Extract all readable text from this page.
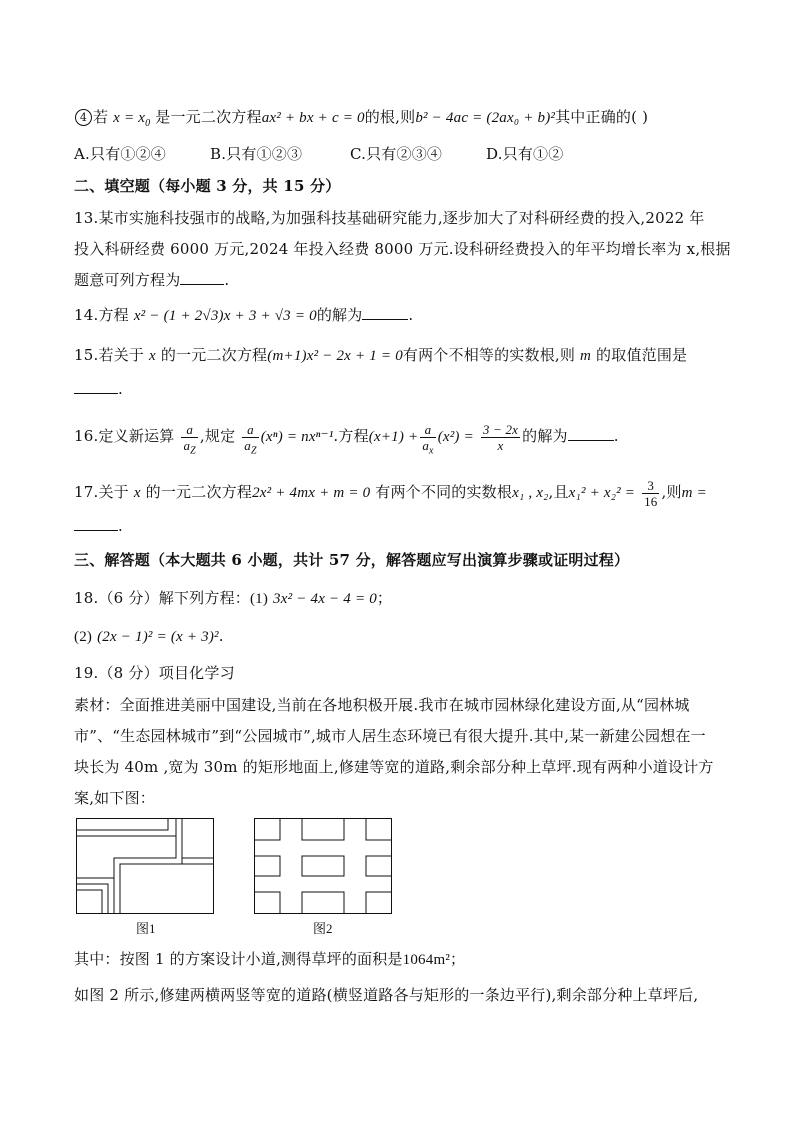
4 若 $x = x_0$ 是一元二次方程ax² + bx + c = 0的根,则b² − 4ac = (2ax₀ + b)²其中正确的( )
A.只有①②④	B.只有①②③	C.只有②③④	D.只有①②
二、填空题（每小题 3 分，共 15 分）
13.某市实施科技强市的战略,为加强科技基础研究能力,逐步加大了对科研经费的投入,2022 年
投入科研经费 6000 万元,2024 年投入经费 8000 万元.设科研经费投入的年平均增长率为 x,根据
题意可列方程为	.
14.方程 x² − (1 + 2√3)x + 3 + √3 = 0的解为	.
15.若关于 x 的一元二次方程(m+1)x² − 2x + 1 = 0有两个不相等的实数根,则 m 的取值范围是
.
16.定义新运算 $\frac{a}{a_Z}$ ,规定 $\frac{a}{a_Z} (x^n) = nx^{n-1}$.方程$(x+1) + \frac{a}{a_x} (x^2) = \frac{3 - 2x}{x}$ 的解为	.
17.关于 x 的一元二次方程2x² + 4mx + m = 0 有两个不同的实数根x₁ , x₂,且$x_1^2 + x_2^2 = \frac{3}{16}$ ,则m =
.
三、解答题（本大题共 6 小题，共计 57 分，解答题应写出演算步骤或证明过程）
18.（6 分）解下列方程：(1) 3x² − 4x − 4 = 0；
(2) (2x − 1)² = (x + 3)².
19.（8 分）项目化学习
素材：全面推进美丽中国建设,当前在各地积极开展.我市在城市园林绿化建设方面,从“园林城
市”、“生态园林城市”到“公园城市”,城市人居生态环境已有很大提升.其中,某一新建公园想在一
块长为 40m ,宽为 30m 的矩形地面上,修建等宽的道路,剩余部分种上草坪.现有两种小道设计方
案,如下图：
图1	图2
其中：按图 1 的方案设计小道,测得草坪的面积是1064m²；
如图 2 所示,修建两横两竖等宽的道路(横竖道路各与矩形的一条边平行),剩余部分种上草坪后,
